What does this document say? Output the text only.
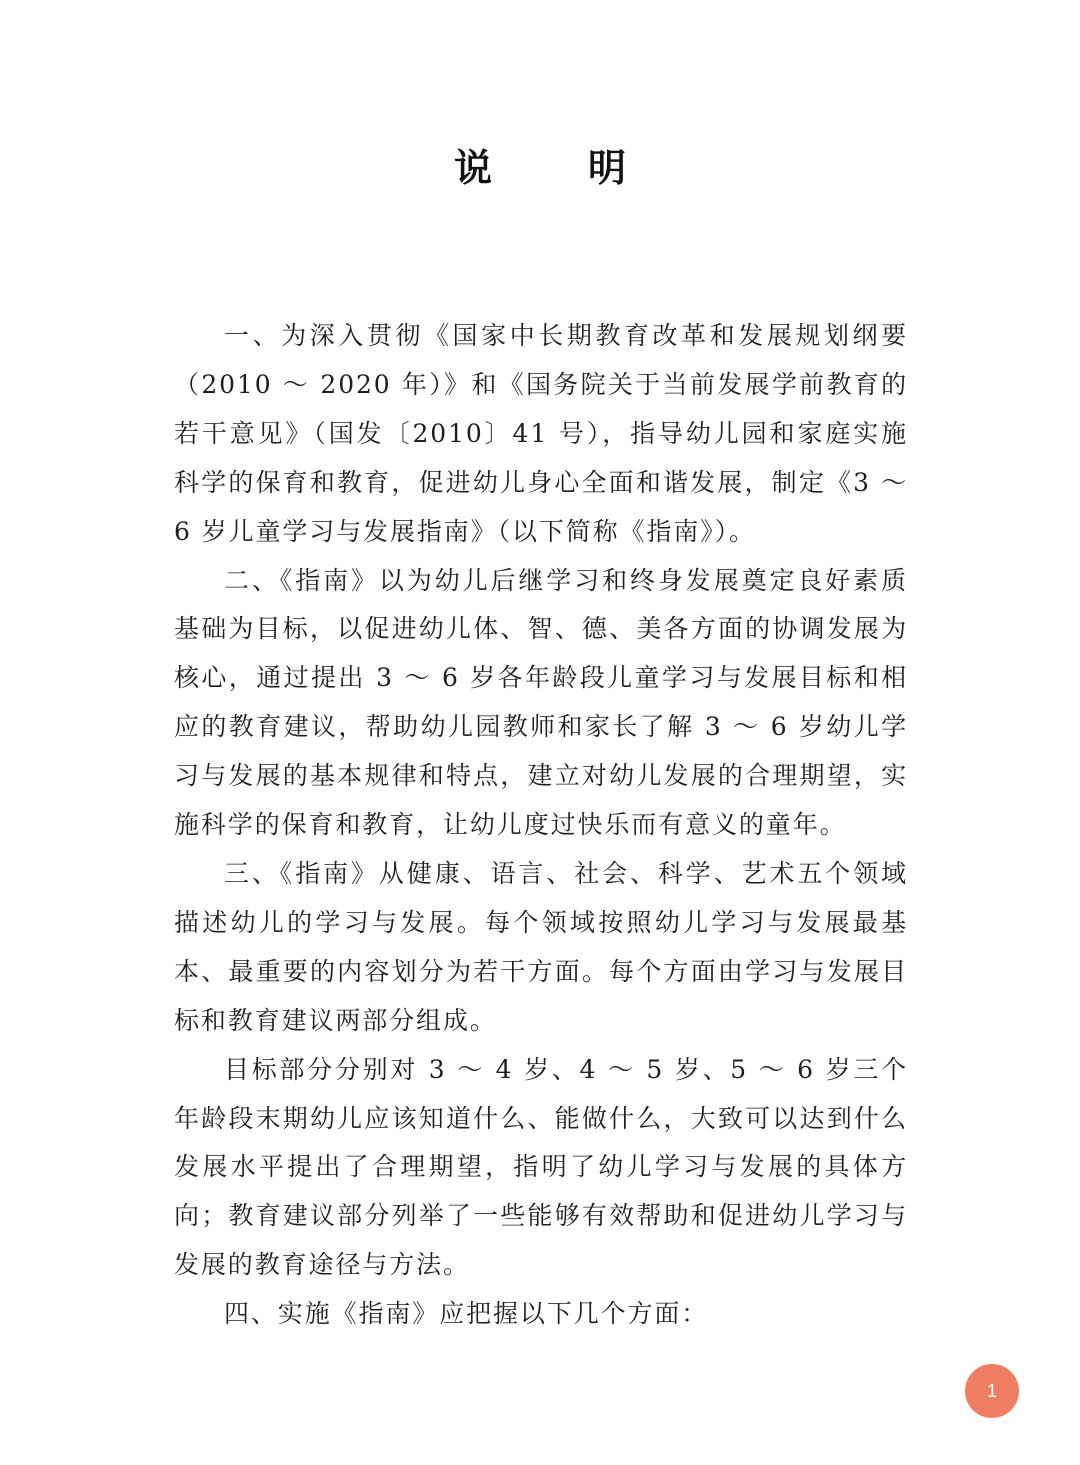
说明

一、为深入贯彻《国家中长期教育改革和发展规划纲要（2010 ～ 2020 年）》和《国务院关于当前发展学前教育的若干意见》（国发〔2010〕41 号），指导幼儿园和家庭实施科学的保育和教育，促进幼儿身心全面和谐发展，制定《3 ～ 6 岁儿童学习与发展指南》（以下简称《指南》）。

二、《指南》以为幼儿后继学习和终身发展奠定良好素质基础为目标，以促进幼儿体、智、德、美各方面的协调发展为核心，通过提出 3 ～ 6 岁各年龄段儿童学习与发展目标和相应的教育建议，帮助幼儿园教师和家长了解 3 ～ 6 岁幼儿学习与发展的基本规律和特点，建立对幼儿发展的合理期望，实施科学的保育和教育，让幼儿度过快乐而有意义的童年。

三、《指南》从健康、语言、社会、科学、艺术五个领域描述幼儿的学习与发展。每个领域按照幼儿学习与发展最基本、最重要的内容划分为若干方面。每个方面由学习与发展目标和教育建议两部分组成。

目标部分分别对 3 ～ 4 岁、4 ～ 5 岁、5 ～ 6 岁三个年龄段末期幼儿应该知道什么、能做什么，大致可以达到什么发展水平提出了合理期望，指明了幼儿学习与发展的具体方向；教育建议部分列举了一些能够有效帮助和促进幼儿学习与发展的教育途径与方法。

四、实施《指南》应把握以下几个方面：

1
